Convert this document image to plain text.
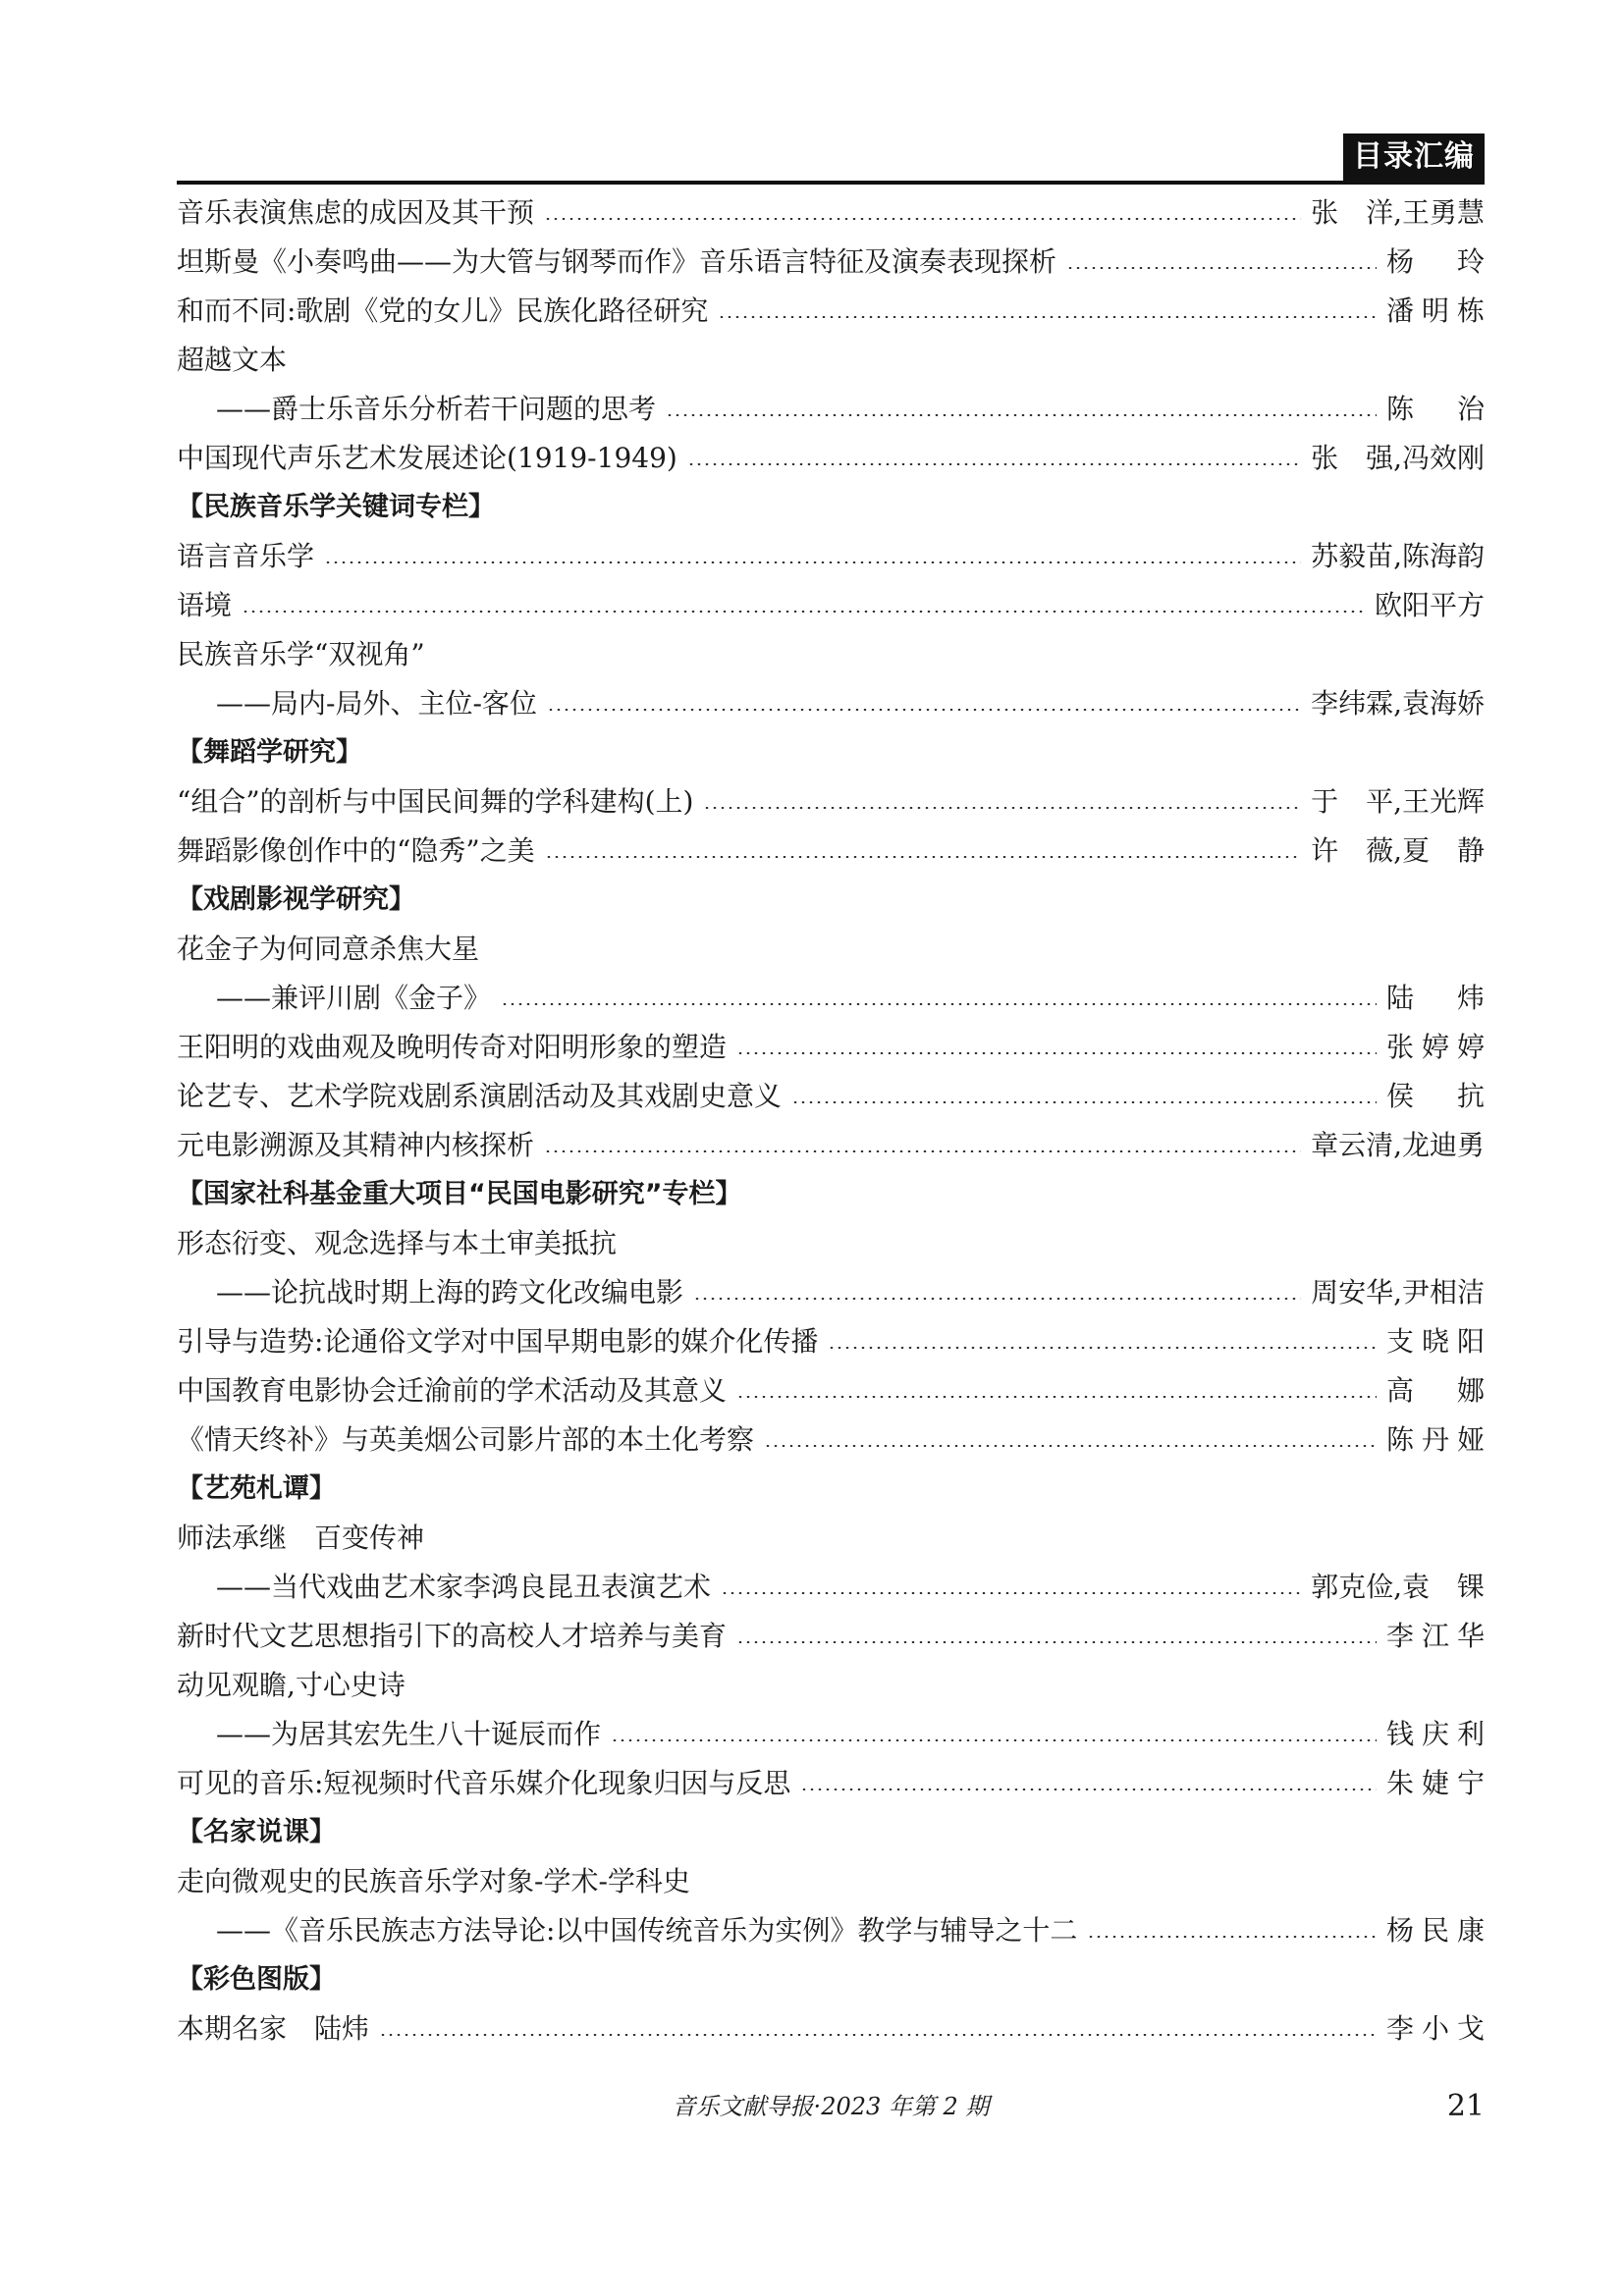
目录汇编
音乐表演焦虑的成因及其干预	张　洋,王勇慧
坦斯曼《小奏鸣曲——为大管与钢琴而作》音乐语言特征及演奏表现探析	杨　玲
和而不同:歌剧《党的女儿》民族化路径研究	潘明栋
超越文本
——爵士乐音乐分析若干问题的思考	陈　治
中国现代声乐艺术发展述论(1919-1949)	张　强,冯效刚
【民族音乐学关键词专栏】
语言音乐学	苏毅苗,陈海韵
语境	欧阳平方
民族音乐学“双视角”
——局内-局外、主位-客位	李纬霖,袁海娇
【舞蹈学研究】
“组合”的剖析与中国民间舞的学科建构(上)	于　平,王光辉
舞蹈影像创作中的“隐秀”之美	许　薇,夏　静
【戏剧影视学研究】
花金子为何同意杀焦大星
——兼评川剧《金子》	陆　炜
王阳明的戏曲观及晚明传奇对阳明形象的塑造	张婷婷
论艺专、艺术学院戏剧系演剧活动及其戏剧史意义	侯　抗
元电影溯源及其精神内核探析	章云清,龙迪勇
【国家社科基金重大项目“民国电影研究”专栏】
形态衍变、观念选择与本土审美抵抗
——论抗战时期上海的跨文化改编电影	周安华,尹相洁
引导与造势:论通俗文学对中国早期电影的媒介化传播	支晓阳
中国教育电影协会迁渝前的学术活动及其意义	高　娜
《情天终补》与英美烟公司影片部的本土化考察	陈丹娅
【艺苑札谭】
师法承继　百变传神
——当代戏曲艺术家李鸿良昆丑表演艺术	郭克俭,袁　锞
新时代文艺思想指引下的高校人才培养与美育	李江华
动见观瞻,寸心史诗
——为居其宏先生八十诞辰而作	钱庆利
可见的音乐:短视频时代音乐媒介化现象归因与反思	朱婕宁
【名家说课】
走向微观史的民族音乐学对象-学术-学科史
——《音乐民族志方法导论:以中国传统音乐为实例》教学与辅导之十二	杨民康
【彩色图版】
本期名家　陆炜	李小戈
音乐文献导报·2023 年第 2 期	21
